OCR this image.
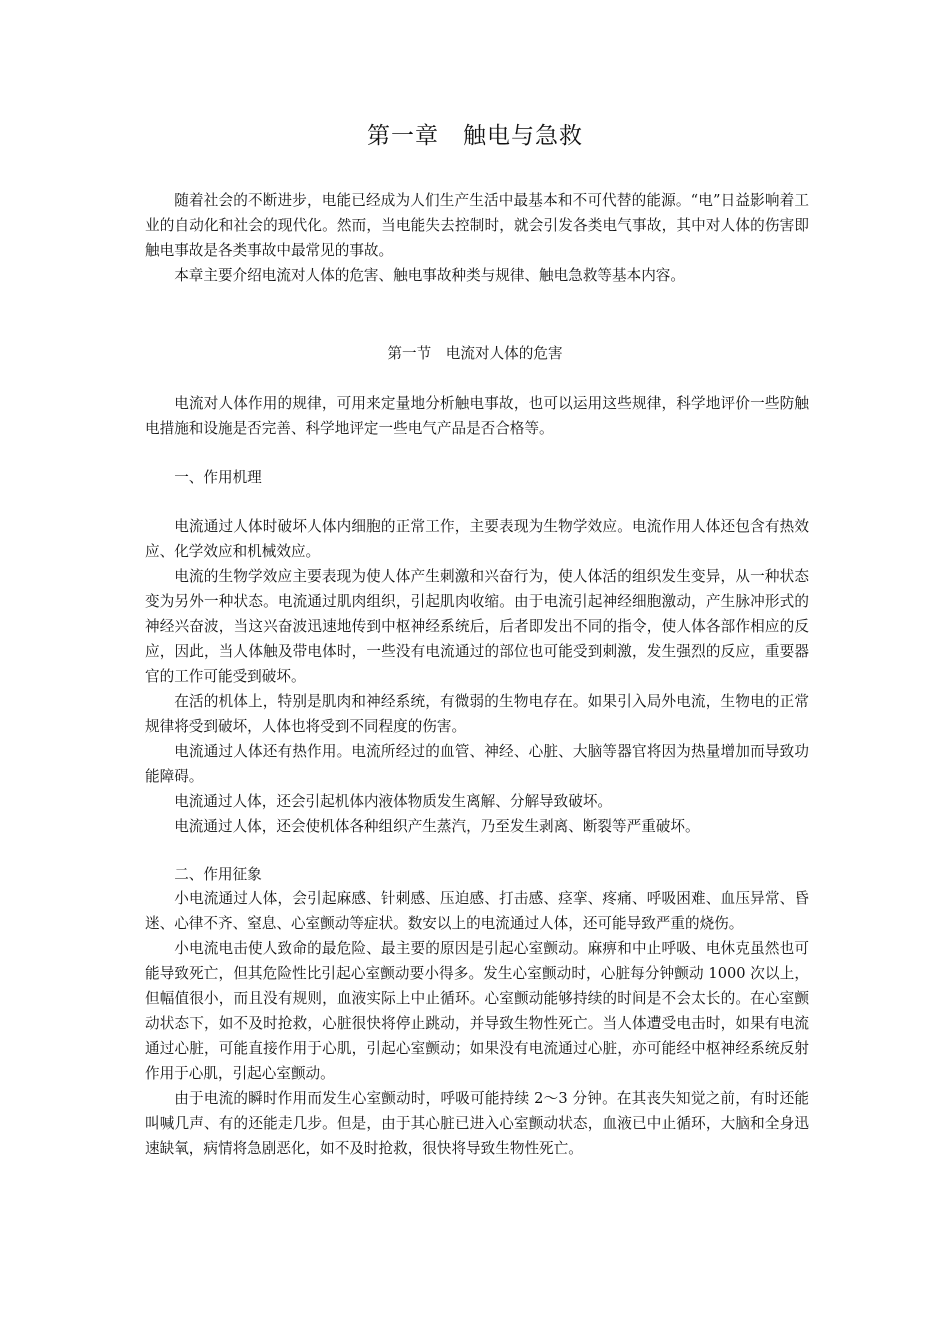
第一章　触电与急救

随着社会的不断进步，电能已经成为人们生产生活中最基本和不可代替的能源。“电”日益影响着工业的自动化和社会的现代化。然而，当电能失去控制时，就会引发各类电气事故，其中对人体的伤害即触电事故是各类事故中最常见的事故。

本章主要介绍电流对人体的危害、触电事故种类与规律、触电急救等基本内容。

第一节　电流对人体的危害

电流对人体作用的规律，可用来定量地分析触电事故，也可以运用这些规律，科学地评价一些防触电措施和设施是否完善、科学地评定一些电气产品是否合格等。

一、作用机理

电流通过人体时破坏人体内细胞的正常工作，主要表现为生物学效应。电流作用人体还包含有热效应、化学效应和机械效应。

电流的生物学效应主要表现为使人体产生刺激和兴奋行为，使人体活的组织发生变异，从一种状态变为另外一种状态。电流通过肌肉组织，引起肌肉收缩。由于电流引起神经细胞激动，产生脉冲形式的神经兴奋波，当这兴奋波迅速地传到中枢神经系统后，后者即发出不同的指令，使人体各部作相应的反应，因此，当人体触及带电体时，一些没有电流通过的部位也可能受到刺激，发生强烈的反应，重要器官的工作可能受到破坏。

在活的机体上，特别是肌肉和神经系统，有微弱的生物电存在。如果引入局外电流，生物电的正常规律将受到破坏，人体也将受到不同程度的伤害。

电流通过人体还有热作用。电流所经过的血管、神经、心脏、大脑等器官将因为热量增加而导致功能障碍。

电流通过人体，还会引起机体内液体物质发生离解、分解导致破坏。

电流通过人体，还会使机体各种组织产生蒸汽，乃至发生剥离、断裂等严重破坏。

二、作用征象

小电流通过人体，会引起麻感、针刺感、压迫感、打击感、痉挛、疼痛、呼吸困难、血压异常、昏迷、心律不齐、窒息、心室颤动等症状。数安以上的电流通过人体，还可能导致严重的烧伤。

小电流电击使人致命的最危险、最主要的原因是引起心室颤动。麻痹和中止呼吸、电休克虽然也可能导致死亡，但其危险性比引起心室颤动要小得多。发生心室颤动时，心脏每分钟颤动 1000 次以上，但幅值很小，而且没有规则，血液实际上中止循环。心室颤动能够持续的时间是不会太长的。在心室颤动状态下，如不及时抢救，心脏很快将停止跳动，并导致生物性死亡。当人体遭受电击时，如果有电流通过心脏，可能直接作用于心肌，引起心室颤动；如果没有电流通过心脏，亦可能经中枢神经系统反射作用于心肌，引起心室颤动。

由于电流的瞬时作用而发生心室颤动时，呼吸可能持续 2～3 分钟。在其丧失知觉之前，有时还能叫喊几声、有的还能走几步。但是，由于其心脏已进入心室颤动状态，血液已中止循环，大脑和全身迅速缺氧，病情将急剧恶化，如不及时抢救，很快将导致生物性死亡。
